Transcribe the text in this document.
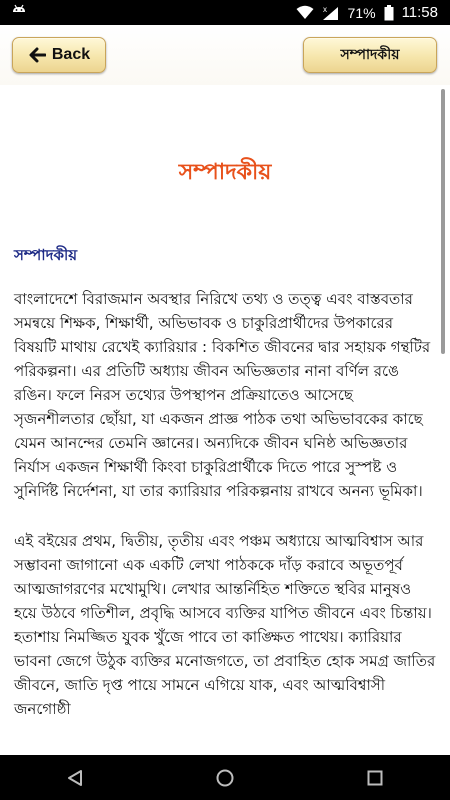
x 71% 11:58
Back	সম্পাদকীয়
সম্পাদকীয়
সম্পাদকীয়

বাংলাদেশে বিরাজমান অবস্থার নিরিখে তথ্য ও তত্ত্ব এবং বাস্তবতার সমন্বয়ে শিক্ষক, শিক্ষার্থী, অভিভাবক ও চাকুরিপ্রার্থীদের উপকারের বিষয়টি মাথায় রেখেই ক্যারিয়ার : বিকশিত জীবনের দ্বার সহায়ক গন্থটির পরিকল্পনা। এর প্রতিটি অধ্যায় জীবন অভিজ্ঞতার নানা বর্ণিল রঙে রঙিন। ফলে নিরস তথ্যের উপস্থাপন প্রক্রিয়াতেও আসেছে সৃজনশীলতার ছোঁয়া, যা একজন প্রাজ্ঞ পাঠক তথা অভিভাবকের কাছে যেমন আনন্দের তেমনি জ্ঞানের। অন্যদিকে জীবন ঘনিষ্ঠ অভিজ্ঞতার নির্যাস একজন শিক্ষার্থী কিংবা চাকুরিপ্রার্থীকে দিতে পারে সুস্পষ্ট ও সুনির্দিষ্ট নির্দেশনা, যা তার ক্যারিয়ার পরিকল্পনায় রাখবে অনন্য ভূমিকা।

এই বইয়ের প্রথম, দ্বিতীয়, তৃতীয় এবং পঞ্চম অধ্যায়ে আত্মবিশ্বাস আর সম্ভাবনা জাগানো এক একটি লেখা পাঠককে দাঁড় করাবে অভূতপূর্ব আত্মজাগরণের মখোমুখি। লেখার আন্তর্নিহিত শক্তিতে স্থবির মানুষও হয়ে উঠবে গতিশীল, প্রবৃদ্ধি আসবে ব্যক্তির যাপিত জীবনে এবং চিন্তায়। হতাশায় নিমজ্জিত যুবক খুঁজে পাবে তা কাঙ্ক্ষিত পাথেয়। ক্যারিয়ার ভাবনা জেগে উঠুক ব্যক্তির মনোজগতে, তা প্রবাহিত হোক সমগ্র জাতির জীবনে, জাতি দৃপ্ত পায়ে সামনে এগিয়ে যাক, এবং আত্মবিশ্বাসী জনগোষ্ঠী
